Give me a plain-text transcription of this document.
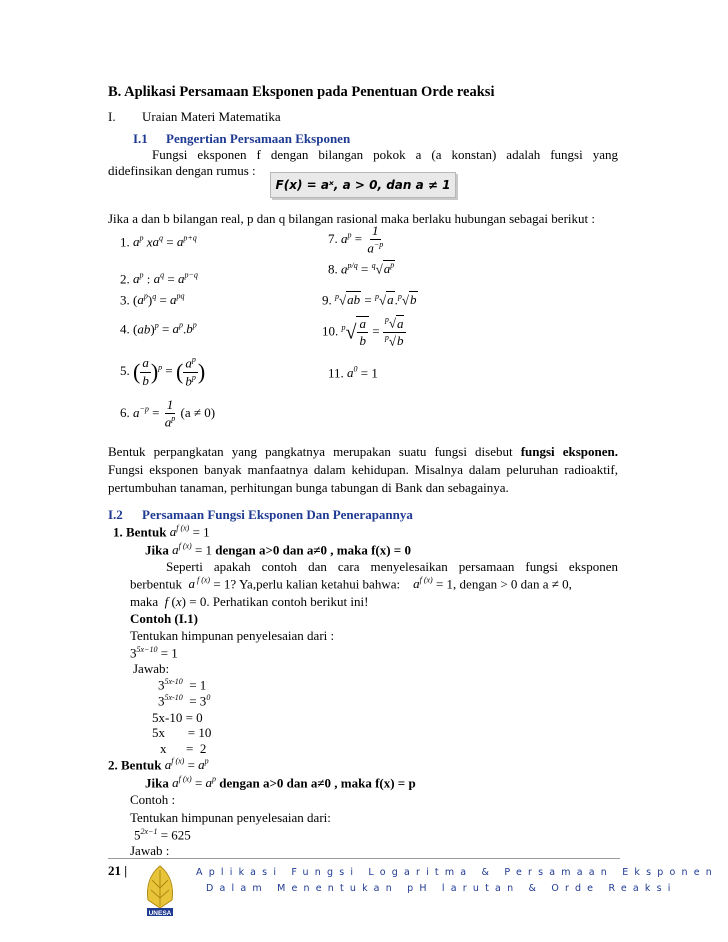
B. Aplikasi Persamaan Eksponen pada Penentuan Orde reaksi
I. Uraian Materi Matematika
I.1 Pengertian Persamaan Eksponen
Fungsi eksponen f dengan bilangan pokok a (a konstan) adalah fungsi yang
didefinsikan dengan rumus :
F(x) = aˣ, a > 0, dan a ≠ 1
Jika a dan b bilangan real, p dan q bilangan rasional maka berlaku hubungan sebagai berikut :
1. $a^p$ $xa^q = a^{p+q}$
2. $a^p$ : $a^q = a^{p-q}$
3. $(a^p)^q = a^{pq}$
4. $(ab)^p = a^p.b^p$
5. ( $\frac{a}{b} )^p$ = ( $\frac{a^p}{b^p}$ )
6. $a^{-p} = \frac{1}{a^p} (a \ne 0)$
7. $a^p = \frac{1}{a^{-p}}$
8. $a^{p/q} = ^q√a^p$
9. $^p$√ab = $^p$√a.$^p$√b
10. $^p√ \frac{a}{b} = \frac{^p√a}{^p√b}$
11. $a^0 = 1$
Bentuk perpangkatan yang pangkatnya merupakan suatu fungsi disebut fungsi eksponen.
Fungsi eksponen banyak manfaatnya dalam kehidupan. Misalnya dalam peluruhan radioaktif,
pertumbuhan tanaman, perhitungan bunga tabungan di Bank dan sebagainya.
I.2 Persamaan Fungsi Eksponen Dan Penerapannya
1. Bentuk $a^{f (x)} = 1$
Jika $a^{f (x)} = 1$ dengan a>0 dan a≠0 , maka f(x) = 0
Seperti apakah contoh dan cara menyelesaikan persamaan fungsi eksponen
berbentuk a $^{f (x)}$ = 1? Ya,perlu kalian ketahui bahwa: $a^{f (x)} = 1$, dengan > 0 dan a ≠ 0,
maka f (x) = 0. Perhatikan contoh berikut ini!
Contoh (I.1)
Tentukan himpunan penyelesaian dari :
$3^{5x-10} = 1$
Jawab:
$3^{5x-10} = 1$
$3^{5x-10} = 3^0$
5x-10 = 0
5x       = 10
x      =  2
2. Bentuk $a^{f (x)} = a^p$
Jika $a^{f (x)} = a^p$ dengan a>0 dan a≠0 , maka f(x) = p
Contoh :
Tentukan himpunan penyelesaian dari:
$5^{2x-1} = 625$
Jawab :
21 |
UNESA
Aplikasi Fungsi Logaritma & Persamaan Eksponen
Dalam Menentukan pH larutan & Orde Reaksi
